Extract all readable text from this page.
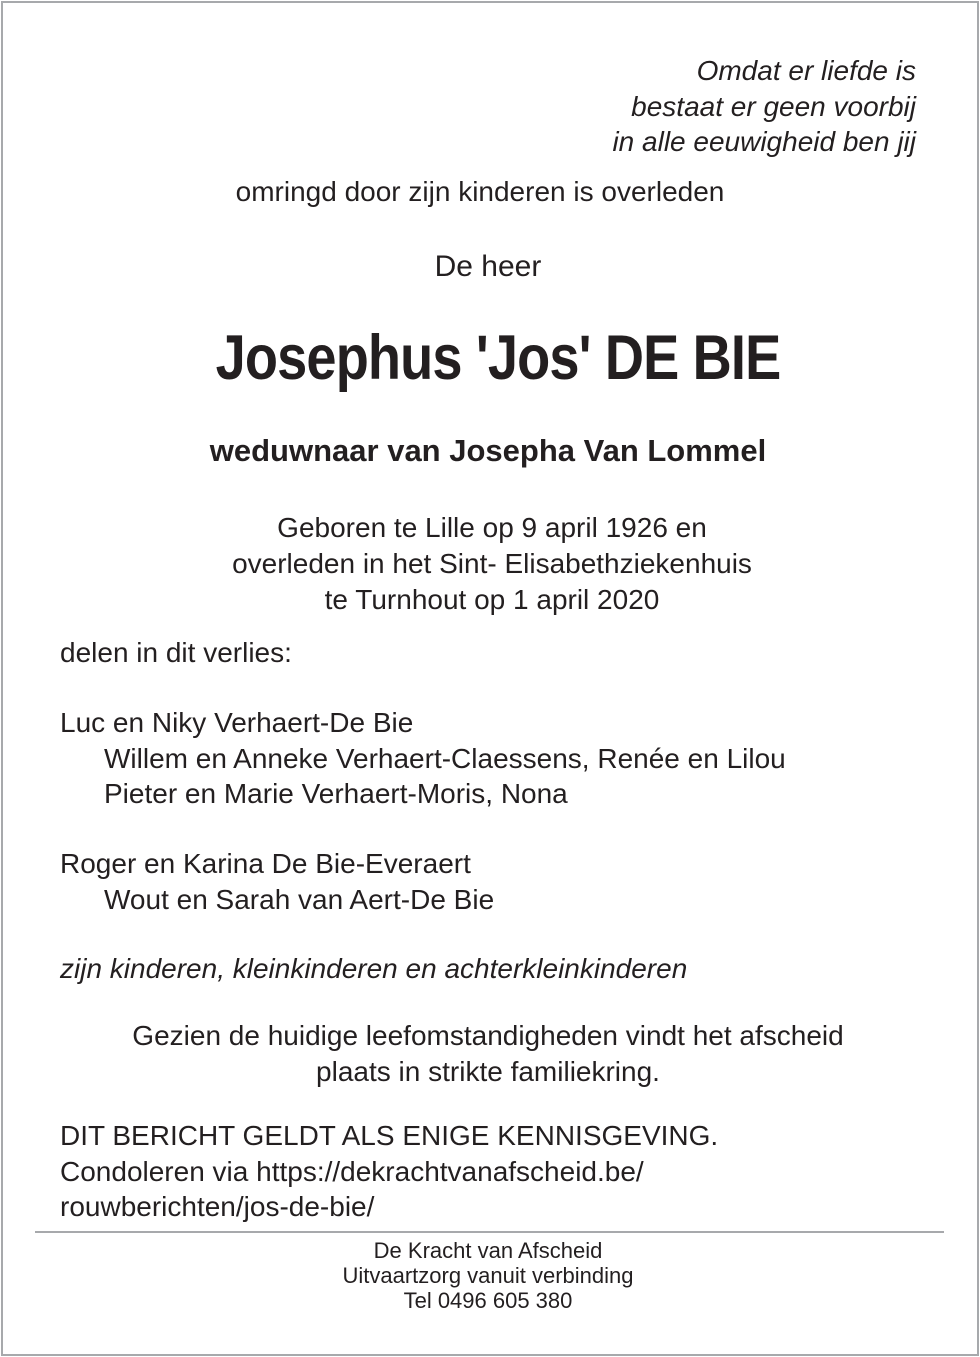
Omdat er liefde is
bestaat er geen voorbij
in alle eeuwigheid ben jij
omringd door zijn kinderen is overleden
De heer
Josephus 'Jos' DE BIE
weduwnaar van Josepha Van Lommel
Geboren te Lille op 9 april 1926 en
overleden in het Sint- Elisabethziekenhuis
te Turnhout op 1 april 2020
delen in dit verlies:
Luc en Niky Verhaert-De Bie
Willem en Anneke Verhaert-Claessens, Renée en Lilou
Pieter en Marie Verhaert-Moris, Nona
Roger en Karina De Bie-Everaert
Wout en Sarah van Aert-De Bie
zijn kinderen, kleinkinderen en achterkleinkinderen
Gezien de huidige leefomstandigheden vindt het afscheid
plaats in strikte familiekring.
DIT BERICHT GELDT ALS ENIGE KENNISGEVING.
Condoleren via https://dekrachtvanafscheid.be/
rouwberichten/jos-de-bie/
De Kracht van Afscheid
Uitvaartzorg vanuit verbinding
Tel 0496 605 380
